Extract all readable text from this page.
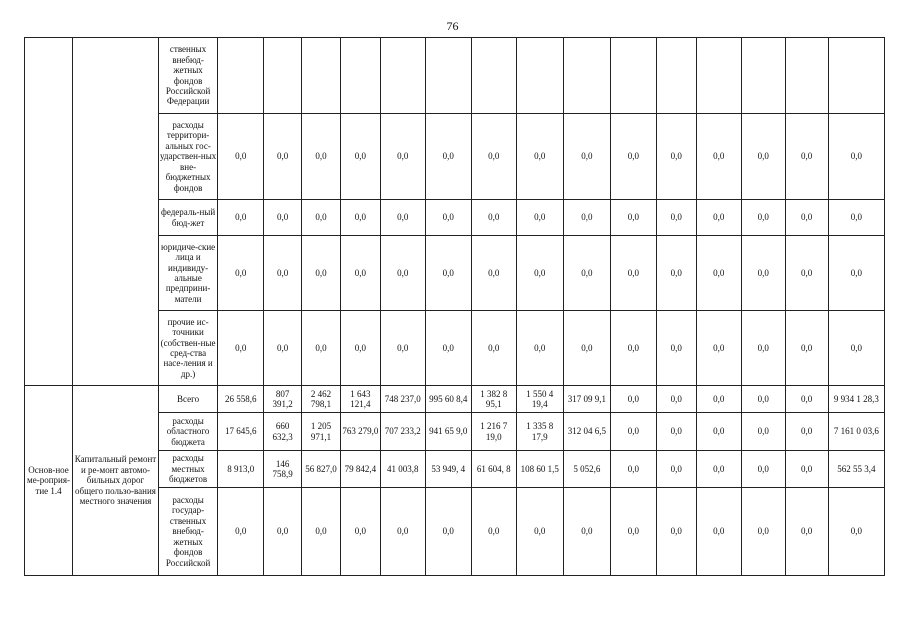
76
		ственных внебюд-жетных фондов Российской Федерации															
		расходы территори-альных гос-ударствен-ных вне-бюджетных фондов	0,0	0,0	0,0	0,0	0,0	0,0	0,0	0,0	0,0	0,0	0,0	0,0	0,0	0,0	0,0
		федераль-ный бюд-жет	0,0	0,0	0,0	0,0	0,0	0,0	0,0	0,0	0,0	0,0	0,0	0,0	0,0	0,0	0,0
		юридиче-ские лица и индивиду-альные предприни-матели	0,0	0,0	0,0	0,0	0,0	0,0	0,0	0,0	0,0	0,0	0,0	0,0	0,0	0,0	0,0
		прочие ис-точники (собствен-ные сред-ства насе-ления и др.)	0,0	0,0	0,0	0,0	0,0	0,0	0,0	0,0	0,0	0,0	0,0	0,0	0,0	0,0	0,0
Основ-ное ме-роприя-тие 1.4	Капитальный ремонт и ре-монт автомо-бильных дорог общего пользо-вания местного значения	Всего	26 558,6	807 391,2	2 462 798,1	1 643 121,4	748 237,0	995 60 8,4	1 382 8 95,1	1 550 4 19,4	317 09 9,1	0,0	0,0	0,0	0,0	0,0	9 934 1 28,3
		расходы областного бюджета	17 645,6	660 632,3	1 205 971,1	763 279,0	707 233,2	941 65 9,0	1 216 7 19,0	1 335 8 17,9	312 04 6,5	0,0	0,0	0,0	0,0	0,0	7 161 0 03,6
		расходы местных бюджетов	8 913,0	146 758,9	56 827,0	79 842,4	41 003,8	53 949, 4	61 604, 8	108 60 1,5	5 052,6	0,0	0,0	0,0	0,0	0,0	562 55 3,4
		расходы государ-ственных внебюд-жетных фондов Российской	0,0	0,0	0,0	0,0	0,0	0,0	0,0	0,0	0,0	0,0	0,0	0,0	0,0	0,0	0,0
